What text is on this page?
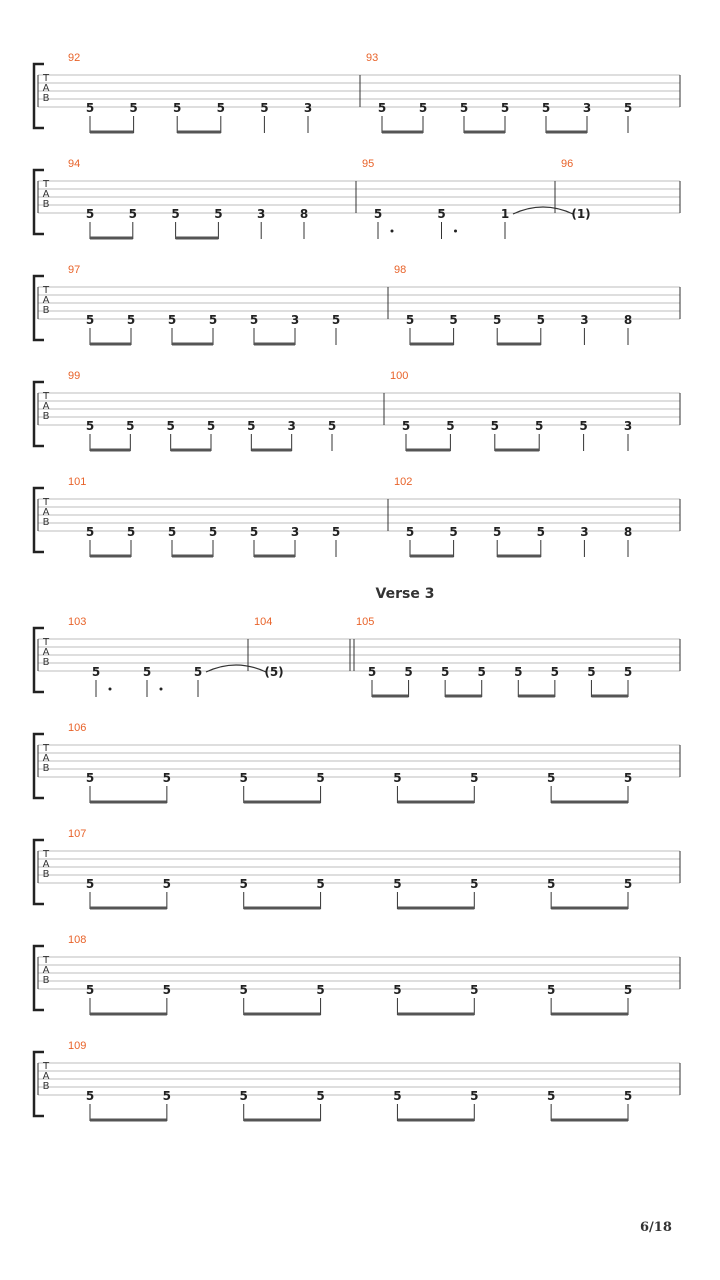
T
A
B
92
5	5	5	5	5	3
93
5	5	5	5	5	3	5
T
A
B
94
5	5	5	5	3	8
95
5	5	1
96
(1)
T
A
B
97
5	5	5	5	5	3	5
98
5	5	5	5	3	8
T
A
B
99
5	5	5	5	5	3	5
100
5	5	5	5	5	3
T
A
B
101
5	5	5	5	5	3	5
102
5	5	5	5	3	8
T
A
B
Verse 3
103
5	5	5
104
(5)
105
5 5 5 5 5 5 5 5
T
A
B
106
5	5	5	5	5	5	5	5
T
A
B
107
5	5	5	5	5	5	5	5
T
A
B
108
5	5	5	5	5	5	5	5
T
A
B
109
5	5	5	5	5	5	5	5
6/18
